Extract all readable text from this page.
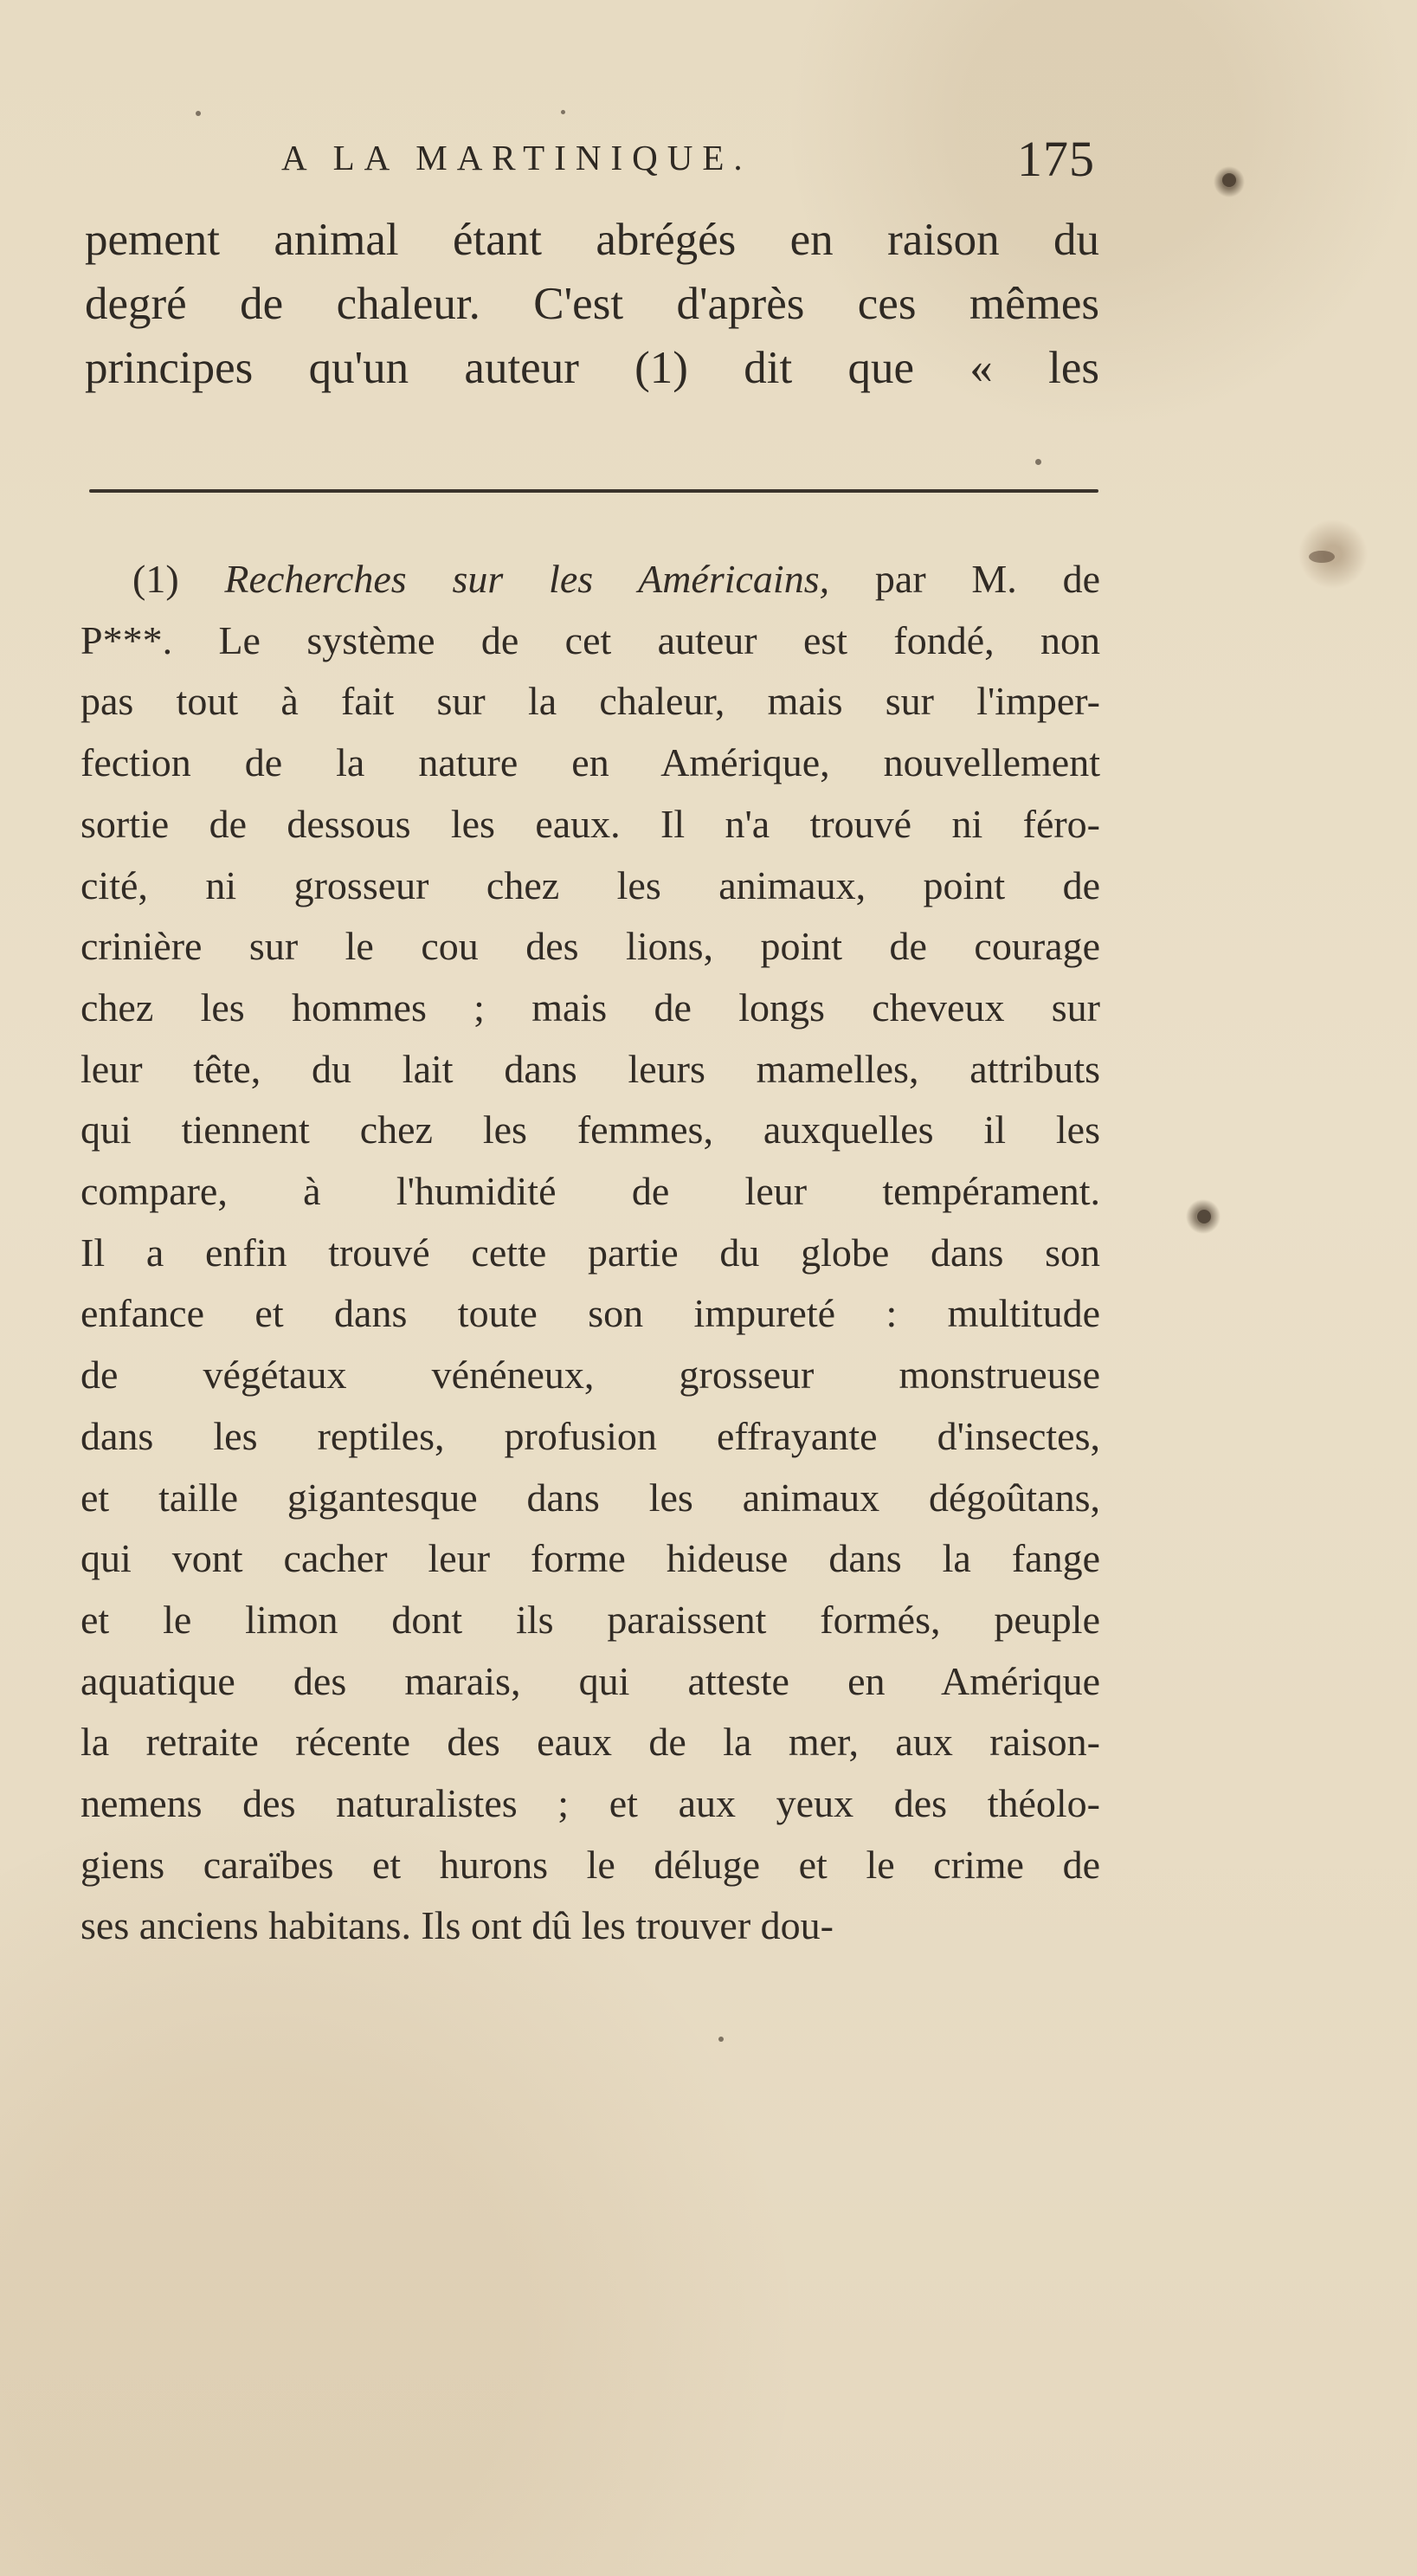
A LA MARTINIQUE.	175
pement animal étant abrégés en raison du
degré de chaleur. C'est d'après ces mêmes
principes qu'un auteur (1) dit que « les
(1) Recherches sur les Américains, par M. de
P***. Le système de cet auteur est fondé, non
pas tout à fait sur la chaleur, mais sur l'imper-
fection de la nature en Amérique, nouvellement
sortie de dessous les eaux. Il n'a trouvé ni féro-
cité, ni grosseur chez les animaux, point de
crinière sur le cou des lions, point de courage
chez les hommes ; mais de longs cheveux sur
leur tête, du lait dans leurs mamelles, attributs
qui tiennent chez les femmes, auxquelles il les
compare, à l'humidité de leur tempérament.
Il a enfin trouvé cette partie du globe dans son
enfance et dans toute son impureté : multitude
de végétaux vénéneux, grosseur monstrueuse
dans les reptiles, profusion effrayante d'insectes,
et taille gigantesque dans les animaux dégoûtans,
qui vont cacher leur forme hideuse dans la fange
et le limon dont ils paraissent formés, peuple
aquatique des marais, qui atteste en Amérique
la retraite récente des eaux de la mer, aux raison-
nemens des naturalistes ; et aux yeux des théolo-
giens caraïbes et hurons le déluge et le crime de
ses anciens habitans. Ils ont dû les trouver dou-
